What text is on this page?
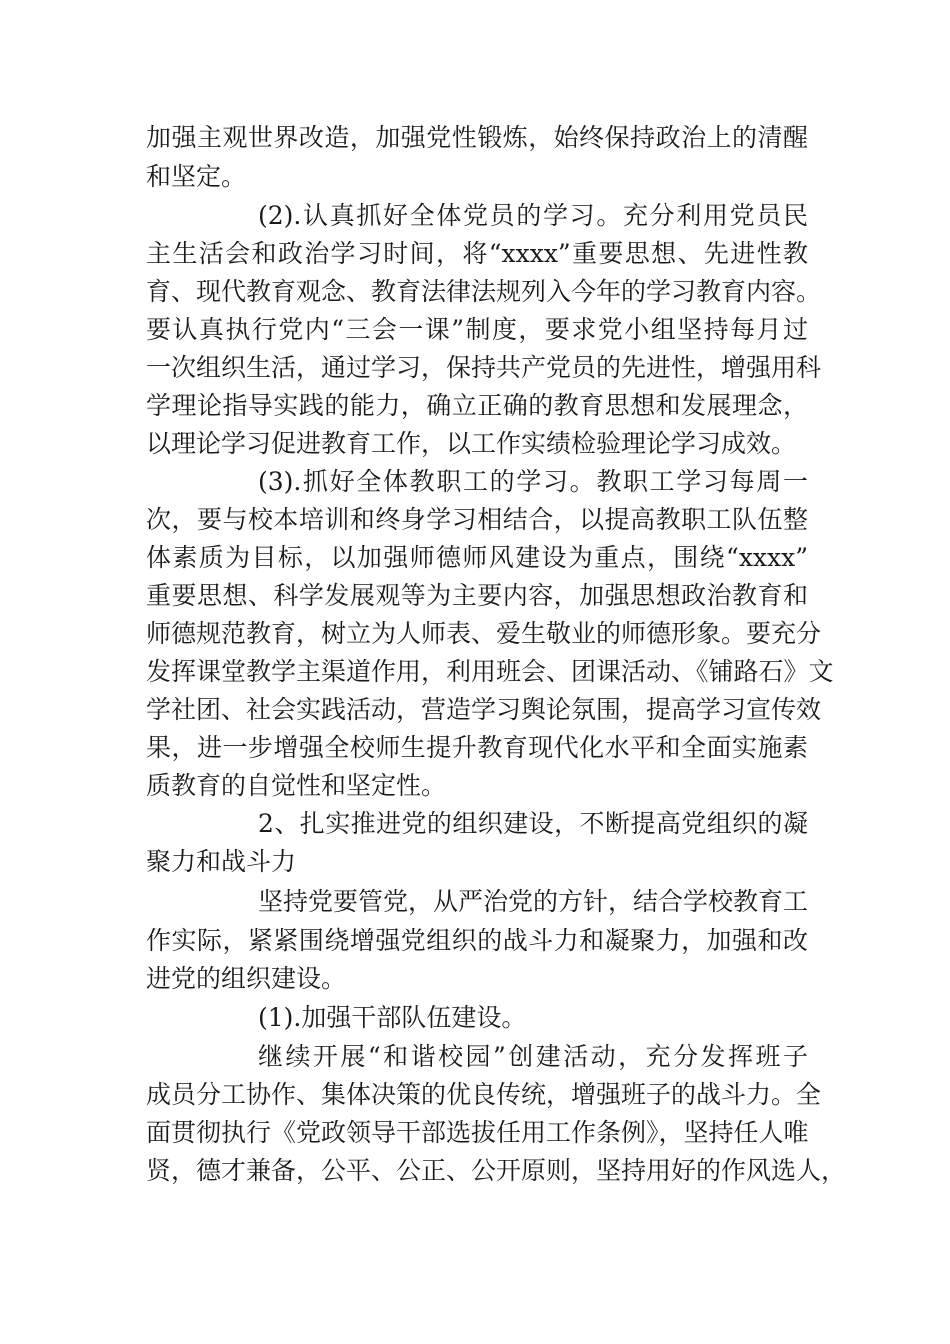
加强主观世界改造，加强党性锻炼，始终保持政治上的清醒
和坚定。
(2).认真抓好全体党员的学习。充分利用党员民
主生活会和政治学习时间，将“xxxx”重要思想、先进性教
育、现代教育观念、教育法律法规列入今年的学习教育内容。
要认真执行党内“三会一课”制度，要求党小组坚持每月过
一次组织生活，通过学习，保持共产党员的先进性，增强用科
学理论指导实践的能力，确立正确的教育思想和发展理念，
以理论学习促进教育工作，以工作实绩检验理论学习成效。
(3).抓好全体教职工的学习。教职工学习每周一
次，要与校本培训和终身学习相结合，以提高教职工队伍整
体素质为目标，以加强师德师风建设为重点，围绕“xxxx”
重要思想、科学发展观等为主要内容，加强思想政治教育和
师德规范教育，树立为人师表、爱生敬业的师德形象。要充分
发挥课堂教学主渠道作用，利用班会、团课活动、《铺路石》文
学社团、社会实践活动，营造学习舆论氛围，提高学习宣传效
果，进一步增强全校师生提升教育现代化水平和全面实施素
质教育的自觉性和坚定性。
2、扎实推进党的组织建设，不断提高党组织的凝
聚力和战斗力
坚持党要管党，从严治党的方针，结合学校教育工
作实际，紧紧围绕增强党组织的战斗力和凝聚力，加强和改
进党的组织建设。
(1).加强干部队伍建设。
继续开展“和谐校园”创建活动，充分发挥班子
成员分工协作、集体决策的优良传统，增强班子的战斗力。全
面贯彻执行《党政领导干部选拔任用工作条例》，坚持任人唯
贤，德才兼备，公平、公正、公开原则，坚持用好的作风选人，
